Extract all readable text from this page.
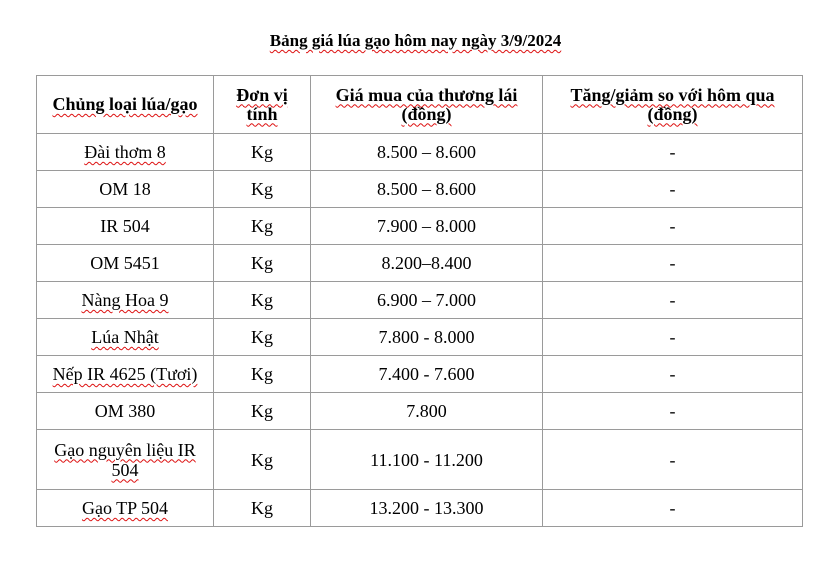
Bảng giá lúa gạo hôm nay ngày 3/9/2024
Chủng loại lúa/gạo	Đơn vị tính	Giá mua của thương lái (đồng)	Tăng/giảm so với hôm qua (đồng)
Đài thơm 8	Kg	8.500 – 8.600	-
OM 18	Kg	8.500 – 8.600	-
IR 504	Kg	7.900 – 8.000	-
OM 5451	Kg	8.200–8.400	-
Nàng Hoa 9	Kg	6.900 – 7.000	-
Lúa Nhật	Kg	7.800 - 8.000	-
Nếp IR 4625 (Tươi)	Kg	7.400 - 7.600	-
OM 380	Kg	7.800	-
Gạo nguyên liệu IR 504	Kg	11.100 - 11.200	-
Gạo TP 504	Kg	13.200 - 13.300	-
